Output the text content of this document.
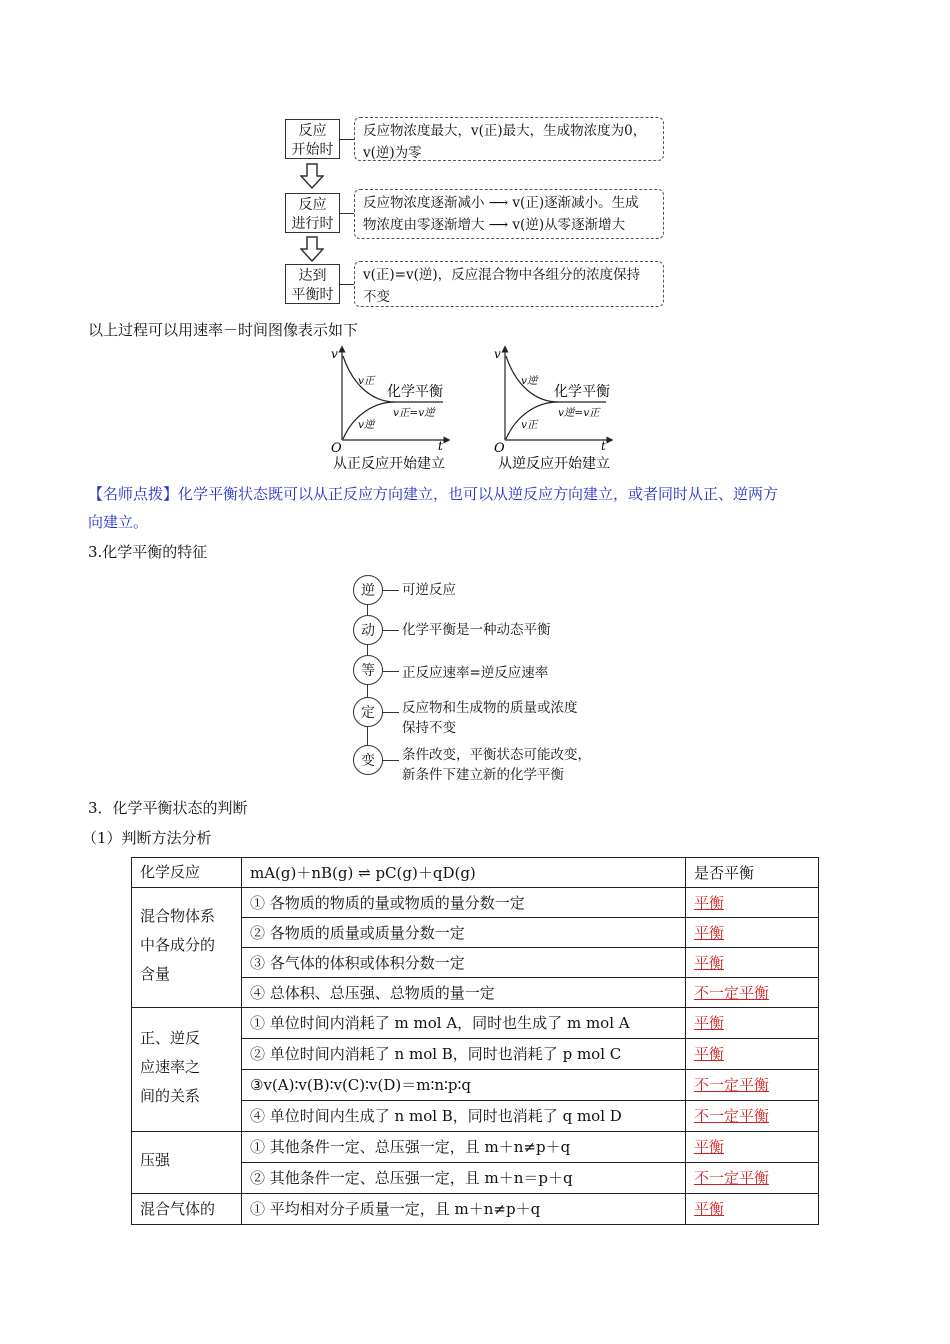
反应
开始时
反应物浓度最大，v(正)最大，生成物浓度为0，
v(逆)为零
反应
进行时
反应物浓度逐渐减小 ⟶ v(正)逐渐减小。生成
物浓度由零逐渐增大 ⟶ v(逆)从零逐渐增大
达到
平衡时
v(正)=v(逆)，反应混合物中各组分的浓度保持
不变
以上过程可以用速率－时间图像表示如下
v
t
O
v正
v逆
化学平衡
v正=v逆
从正反应开始建立
v
t
O
v逆
v正
化学平衡
v逆=v正
从逆反应开始建立
【名师点拨】化学平衡状态既可以从正反应方向建立，也可以从逆反应方向建立，或者同时从正、逆两方
向建立。
3.化学平衡的特征
逆	可逆反应
动	化学平衡是一种动态平衡
等	正反应速率=逆反应速率
定	反应物和生成物的质量或浓度
保持不变
变	条件改变，平衡状态可能改变，
新条件下建立新的化学平衡
3．化学平衡状态的判断
（1）判断方法分析
化学反应	mA(g)＋nB(g) ⇌ pC(g)＋qD(g)	是否平衡

混合物体系
中各成分的
含量	① 各物质的物质的量或物质的量分数一定	平衡
	② 各物质的质量或质量分数一定	平衡
	③ 各气体的体积或体积分数一定	平衡
	④ 总体积、总压强、总物质的量一定	不一定平衡

正、逆反
应速率之
间的关系	① 单位时间内消耗了 m mol A，同时也生成了 m mol A	平衡
	② 单位时间内消耗了 n mol B，同时也消耗了 p mol C	平衡
	③v(A)∶v(B)∶v(C)∶v(D)＝m∶n∶p∶q	不一定平衡
	④ 单位时间内生成了 n mol B，同时也消耗了 q mol D	不一定平衡

压强	① 其他条件一定、总压强一定，且 m＋n≠p＋q	平衡
	② 其他条件一定、总压强一定，且 m＋n＝p＋q	不一定平衡

混合气体的	① 平均相对分子质量一定，且 m＋n≠p＋q	平衡
